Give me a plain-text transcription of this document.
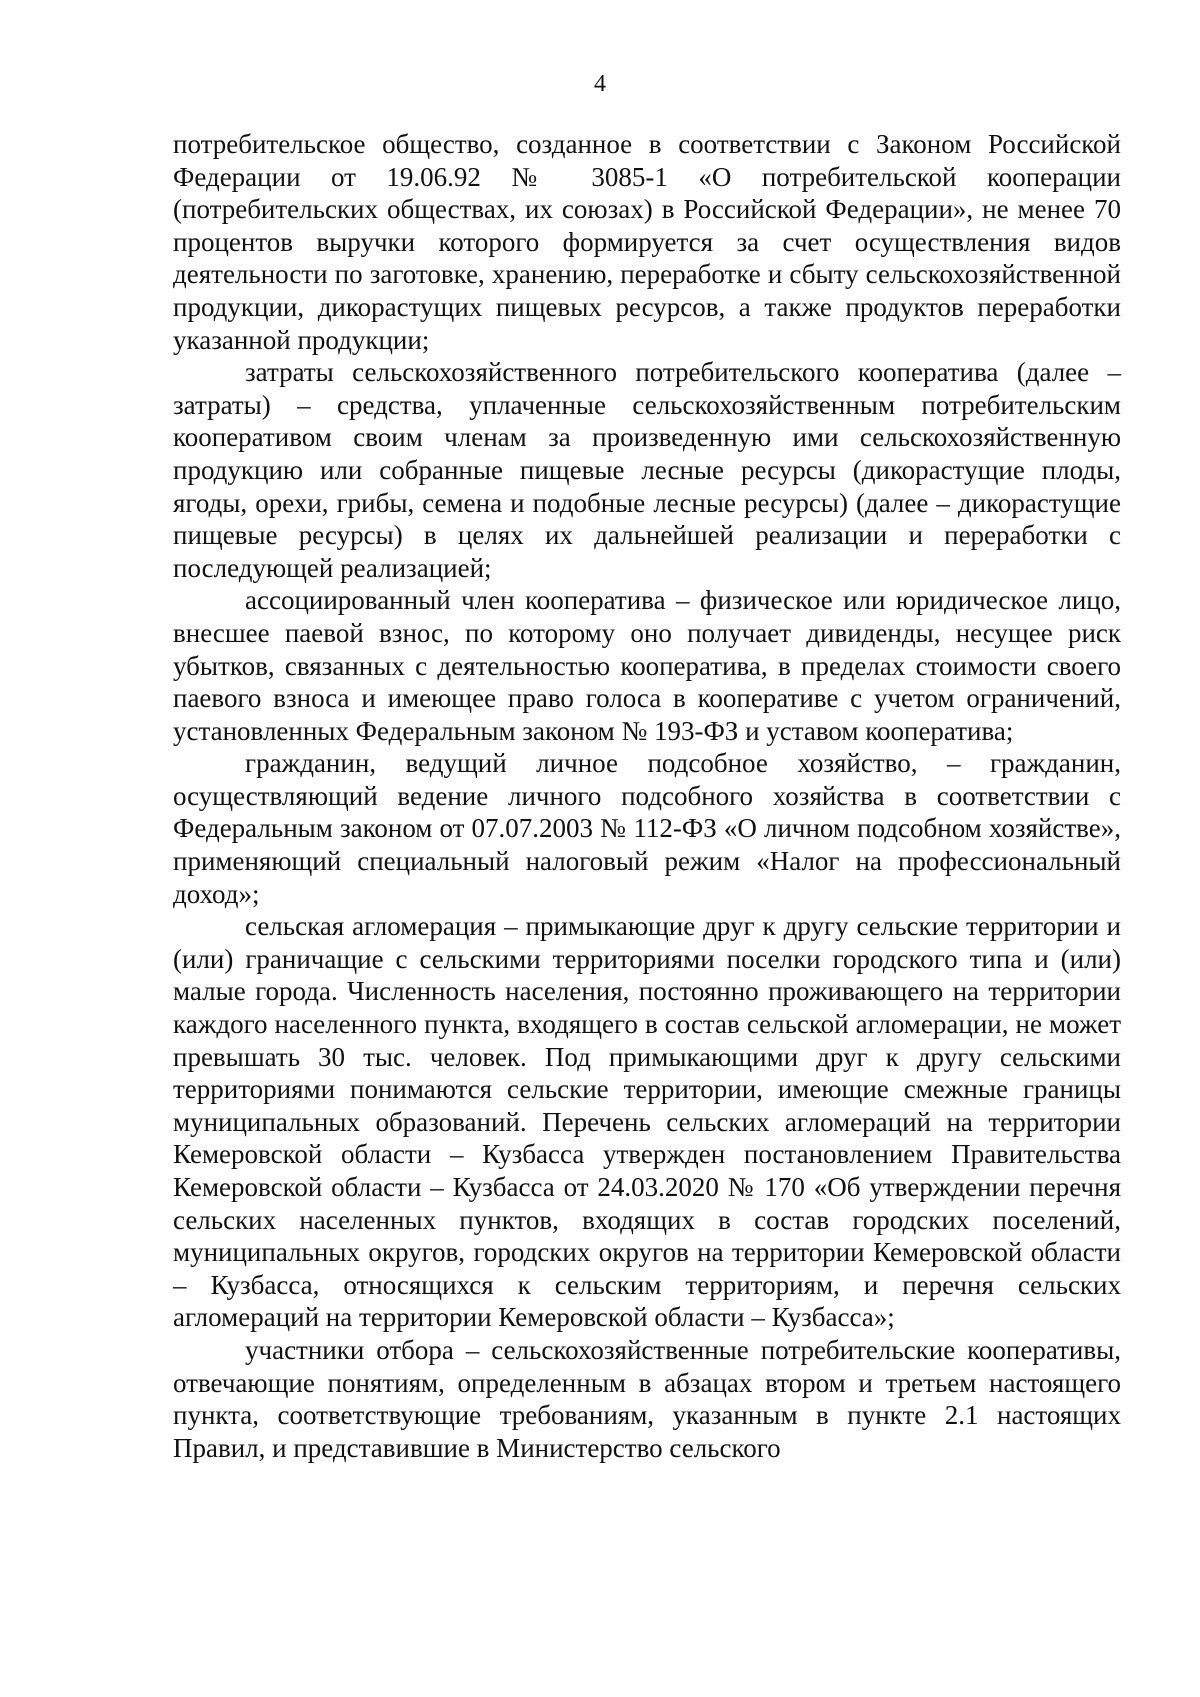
4

потребительское общество, созданное в соответствии с Законом Российской Федерации от 19.06.92 № 3085-1 «О потребительской кооперации (потребительских обществах, их союзах) в Российской Федерации», не менее 70 процентов выручки которого формируется за счет осуществления видов деятельности по заготовке, хранению, переработке и сбыту сельскохозяйственной продукции, дикорастущих пищевых ресурсов, а также продуктов переработки указанной продукции;

затраты сельскохозяйственного потребительского кооператива (далее – затраты) – средства, уплаченные сельскохозяйственным потребительским кооперативом своим членам за произведенную ими сельскохозяйственную продукцию или собранные пищевые лесные ресурсы (дикорастущие плоды, ягоды, орехи, грибы, семена и подобные лесные ресурсы) (далее – дикорастущие пищевые ресурсы) в целях их дальнейшей реализации и переработки с последующей реализацией;

ассоциированный член кооператива – физическое или юридическое лицо, внесшее паевой взнос, по которому оно получает дивиденды, несущее риск убытков, связанных с деятельностью кооператива, в пределах стоимости своего паевого взноса и имеющее право голоса в кооперативе с учетом ограничений, установленных Федеральным законом № 193-ФЗ и уставом кооператива;

гражданин, ведущий личное подсобное хозяйство, – гражданин, осуществляющий ведение личного подсобного хозяйства в соответствии с Федеральным законом от 07.07.2003 № 112-ФЗ «О личном подсобном хозяйстве», применяющий специальный налоговый режим «Налог на профессиональный доход»;

сельская агломерация – примыкающие друг к другу сельские территории и (или) граничащие с сельскими территориями поселки городского типа и (или) малые города. Численность населения, постоянно проживающего на территории каждого населенного пункта, входящего в состав сельской агломерации, не может превышать 30 тыс. человек. Под примыкающими друг к другу сельскими территориями понимаются сельские территории, имеющие смежные границы муниципальных образований. Перечень сельских агломераций на территории Кемеровской области – Кузбасса утвержден постановлением Правительства Кемеровской области – Кузбасса от 24.03.2020 № 170 «Об утверждении перечня сельских населенных пунктов, входящих в состав городских поселений, муниципальных округов, городских округов на территории Кемеровской области – Кузбасса, относящихся к сельским территориям, и перечня сельских агломераций на территории Кемеровской области – Кузбасса»;

участники отбора – сельскохозяйственные потребительские кооперативы, отвечающие понятиям, определенным в абзацах втором и третьем настоящего пункта, соответствующие требованиям, указанным в пункте 2.1 настоящих Правил, и представившие в Министерство сельского
